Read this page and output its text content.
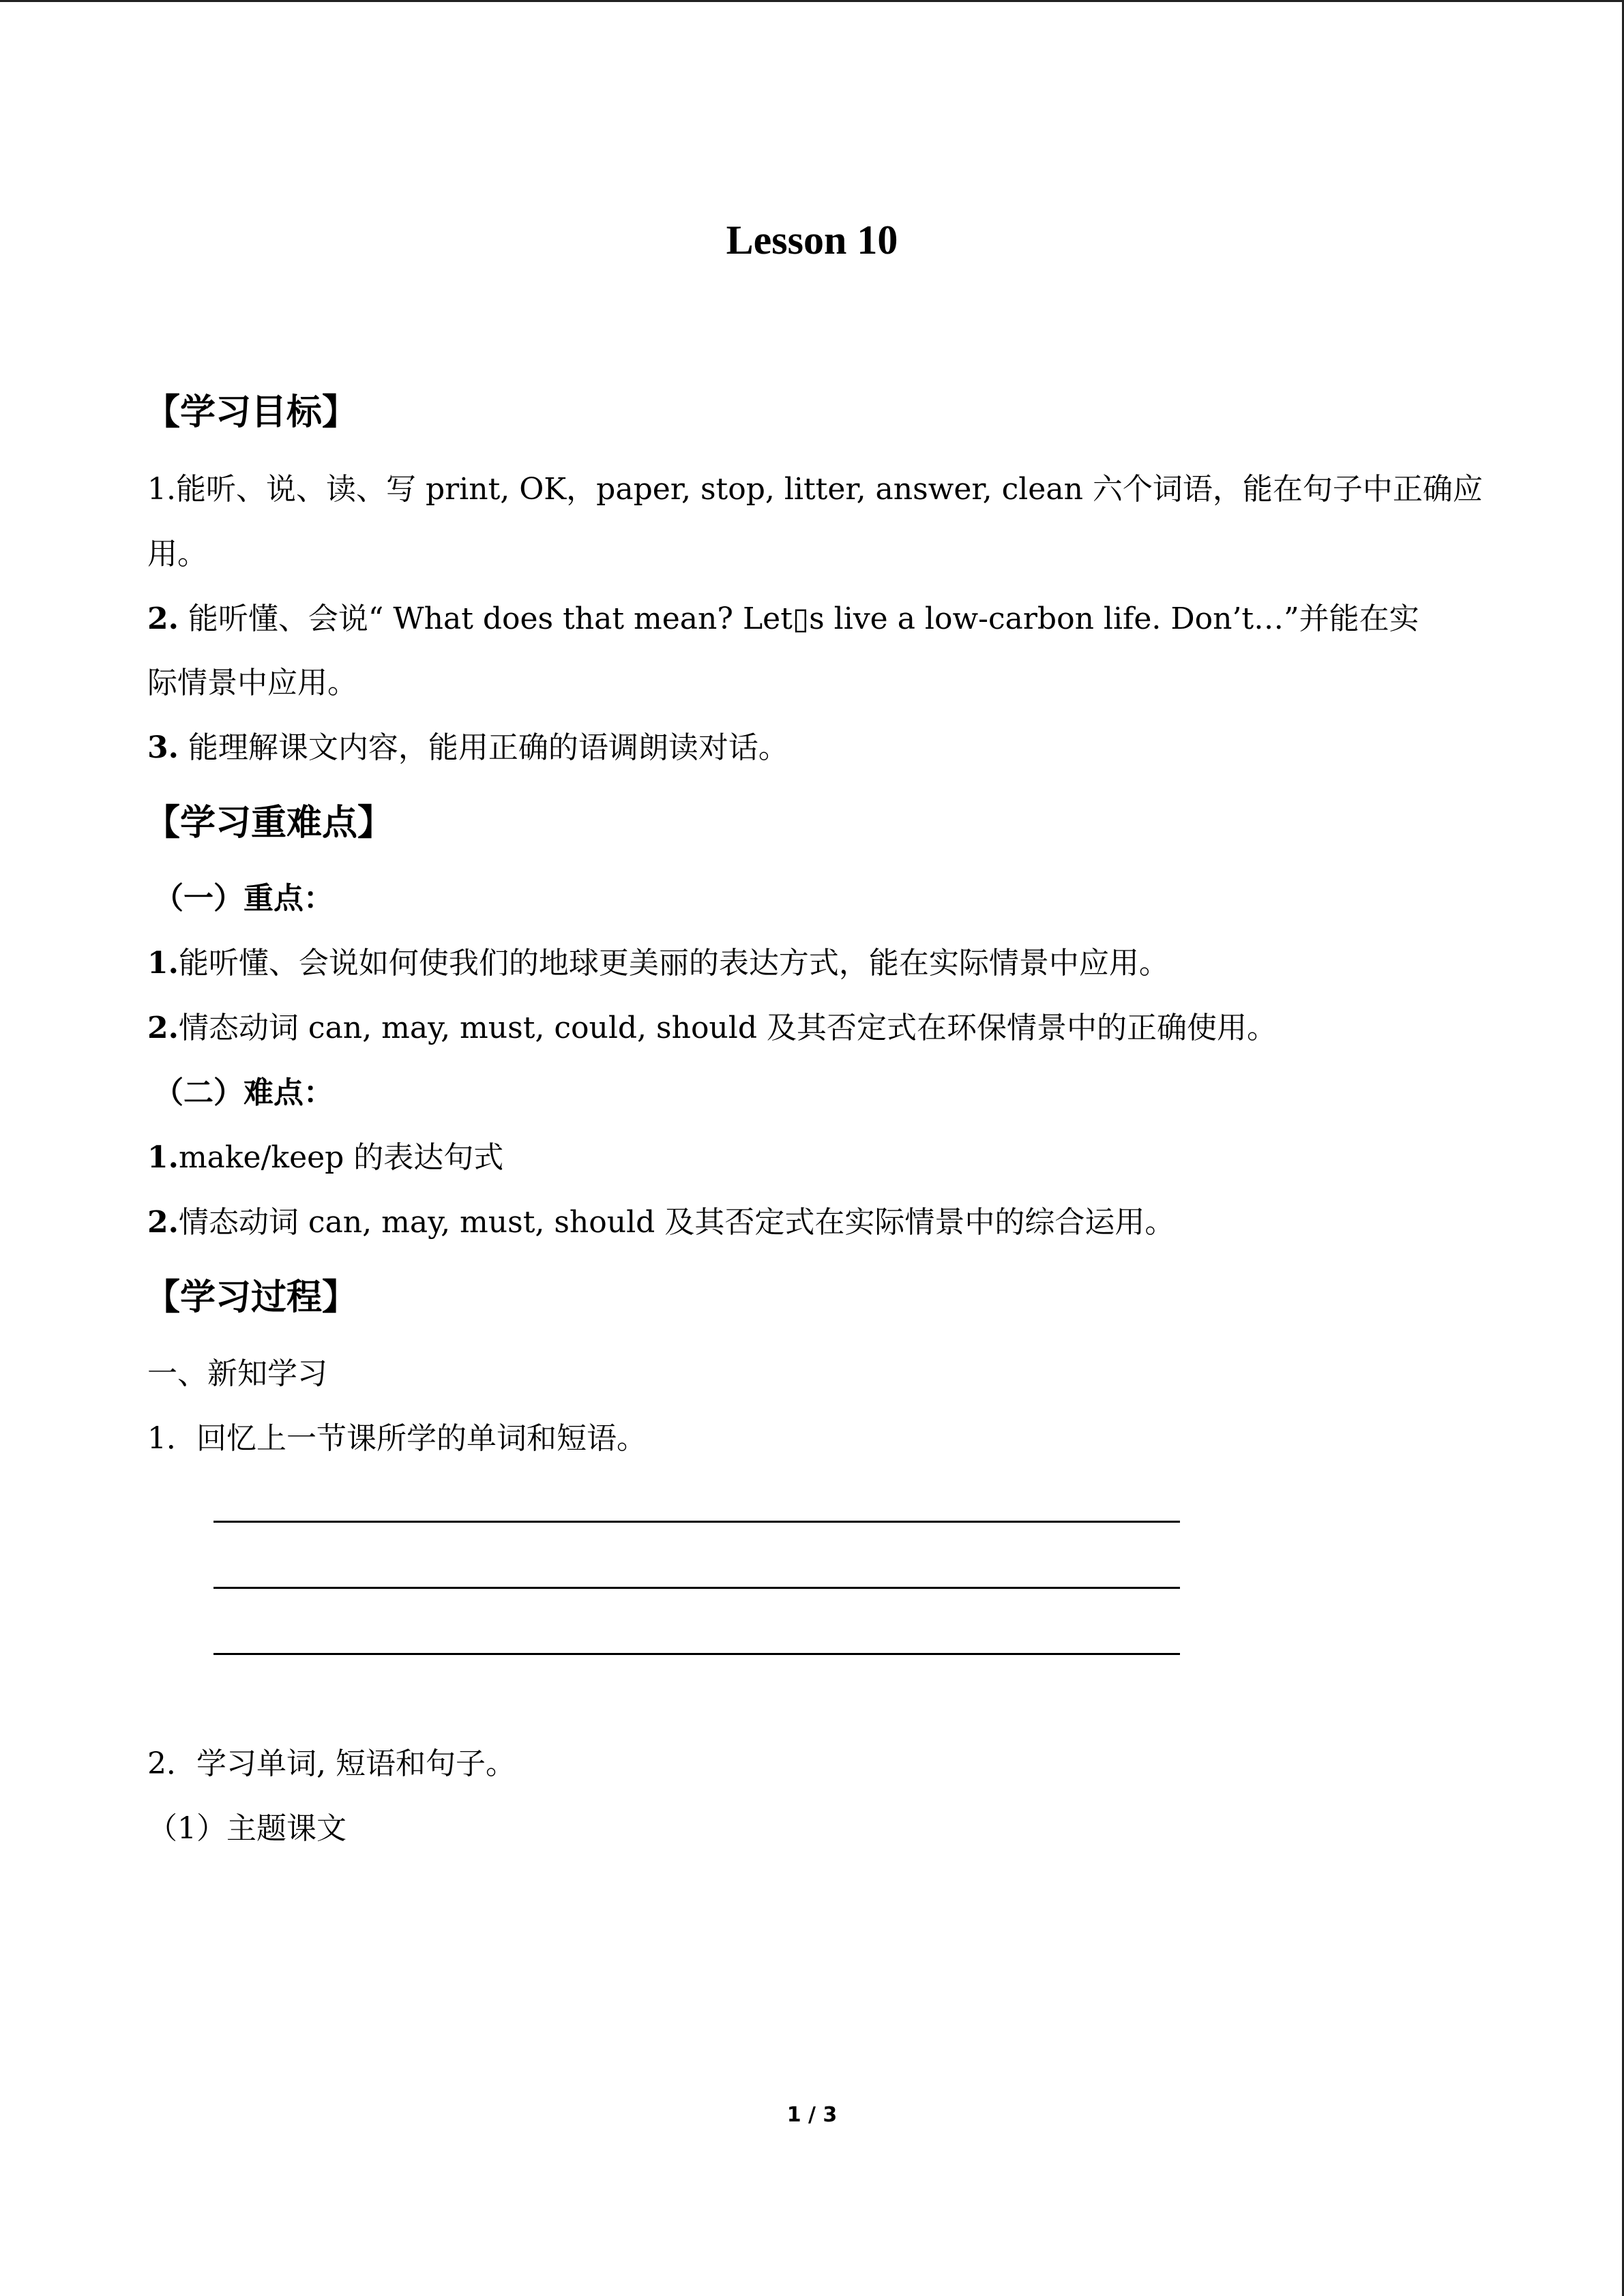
Lesson 10
【学习目标】
1.能听、说、读、写 print, OK，paper, stop, litter, answer, clean 六个词语，能在句子中正确应
用。
2. 能听懂、会说“ What does that mean? Let▯s live a low-carbon life. Don’t…”并能在实
际情景中应用。
3. 能理解课文内容，能用正确的语调朗读对话。
【学习重难点】
（一）重点：
1.能听懂、会说如何使我们的地球更美丽的表达方式，能在实际情景中应用。
2.情态动词 can, may, must, could, should 及其否定式在环保情景中的正确使用。
（二）难点：
1.make/keep 的表达句式
2.情态动词 can, may, must, should 及其否定式在实际情景中的综合运用。
【学习过程】
一、新知学习
1．回忆上一节课所学的单词和短语。
2．学习单词, 短语和句子。
（1）主题课文
1 / 3
